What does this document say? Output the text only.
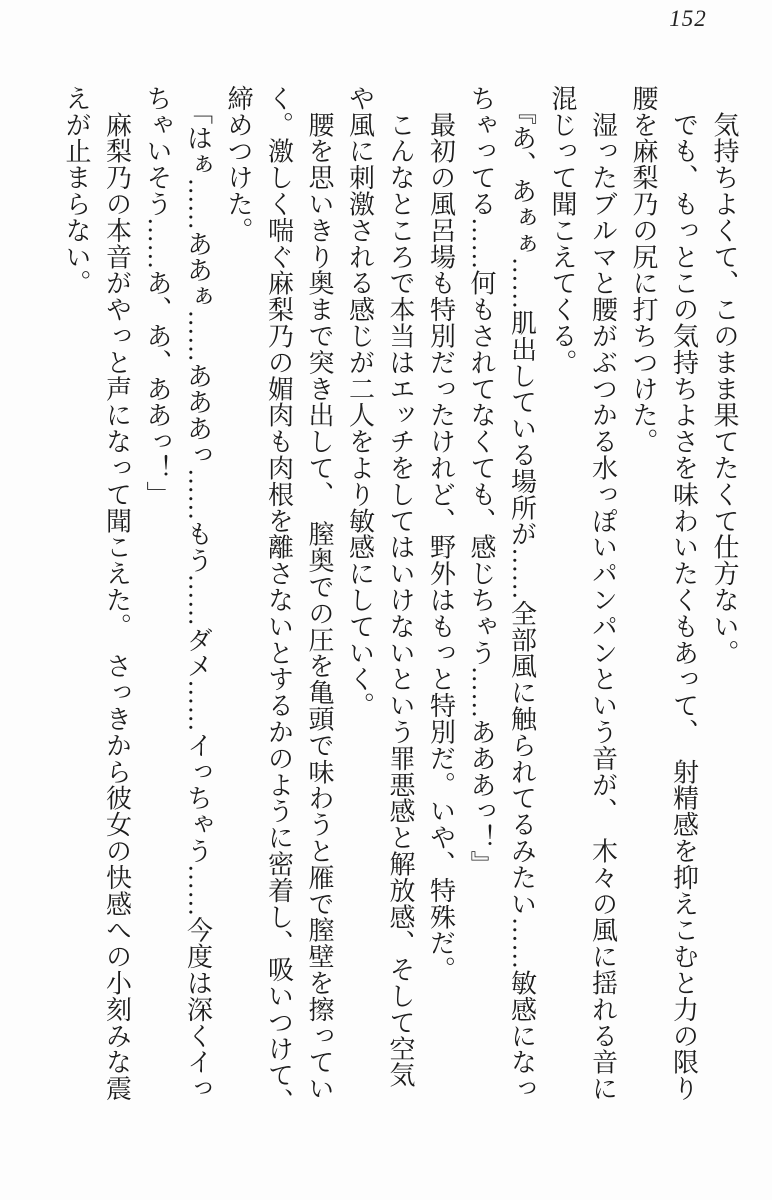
152

　気持ちよくて、このまま果てたくて仕方ない。

　でも、もっとこの気持ちよさを味わいたくもあって、　射精感を抑えこむと力の限り

腰を麻梨乃の尻に打ちつけた。

　湿ったブルマと腰がぶつかる水っぽいパンパンという音が、　木々の風に揺れる音に

混じって聞こえてくる。

　『あ、あぁぁ……肌出している場所が……全部風に触られてるみたい……敏感になっ

ちゃってる……何もされてなくても、感じちゃう……あああっ！』

　最初の風呂場も特別だったけれど、野外はもっと特別だ。いや、特殊だ。

　こんなところで本当はエッチをしてはいけないという罪悪感と解放感、そして空気

や風に刺激される感じが二人をより敏感にしていく。

　腰を思いきり奥まで突き出して、　膣奥での圧を亀頭で味わうと雁で膣壁を擦ってい

く。激しく喘ぐ麻梨乃の媚肉も肉根を離さないとするかのように密着し、吸いつけて、

締めつけた。

　「はぁ……ああぁ……あああっ……もう……ダメ……イっちゃう……今度は深くイっ

ちゃいそう……あ、あ、ああっ！」

　麻梨乃の本音がやっと声になって聞こえた。　さっきから彼女の快感への小刻みな震

えが止まらない。
